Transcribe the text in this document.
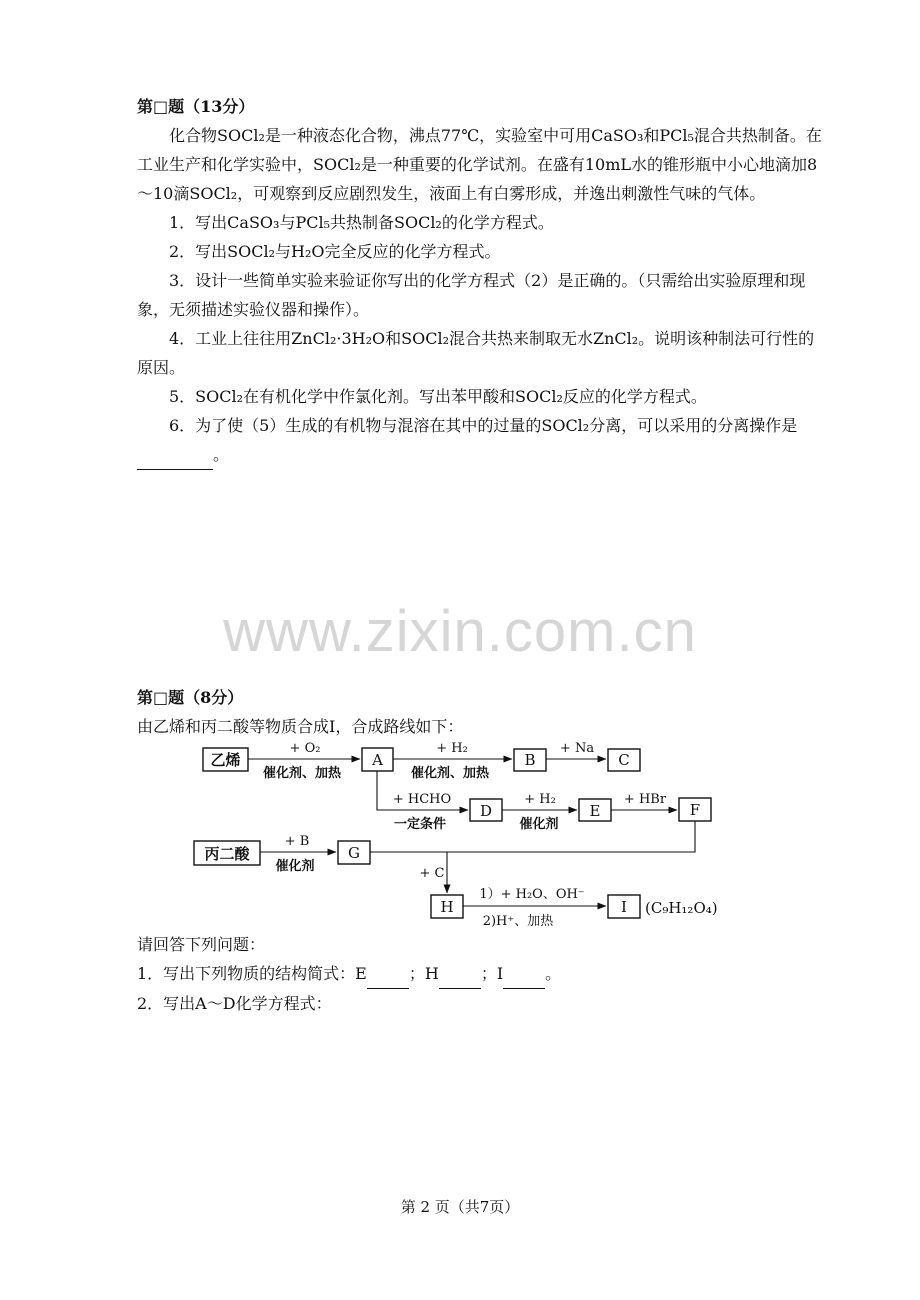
第□题（13分）

化合物SOCl₂是一种液态化合物，沸点77℃，实验室中可用CaSO₃和PCl₅混合共热制备。在工业生产和化学实验中，SOCl₂是一种重要的化学试剂。在盛有10mL水的锥形瓶中小心地滴加8～10滴SOCl₂，可观察到反应剧烈发生，液面上有白雾形成，并逸出刺激性气味的气体。

1．写出CaSO₃与PCl₅共热制备SOCl₂的化学方程式。

2．写出SOCl₂与H₂O完全反应的化学方程式。

3．设计一些简单实验来验证你写出的化学方程式（2）是正确的。（只需给出实验原理和现象，无须描述实验仪器和操作）。

4．工业上往往用ZnCl₂·3H₂O和SOCl₂混合共热来制取无水ZnCl₂。说明该种制法可行性的原因。

5．SOCl₂在有机化学中作氯化剂。写出苯甲酸和SOCl₂反应的化学方程式。

6．为了使（5）生成的有机物与混溶在其中的过量的SOCl₂分离，可以采用的分离操作是。

www.zixin.com.cn
第□题（8分）

由乙烯和丙二酸等物质合成I，合成路线如下：

乙烯	A	B	C
D	E	F
丙二酸	G
H	I
+ O₂
催化剂、加热
+ H₂
催化剂、加热
+ Na
+ HCHO
一定条件
+ H₂
催化剂
+ HBr
+ B
催化剂	+ C
1）+ H₂O、OH⁻
2)H⁺、加热
(C₉H₁₂O₄)

请回答下列问题：

1．写出下列物质的结构简式：E	；H	；I	。

2．写出A～D化学方程式：

第 2 页（共7页）
